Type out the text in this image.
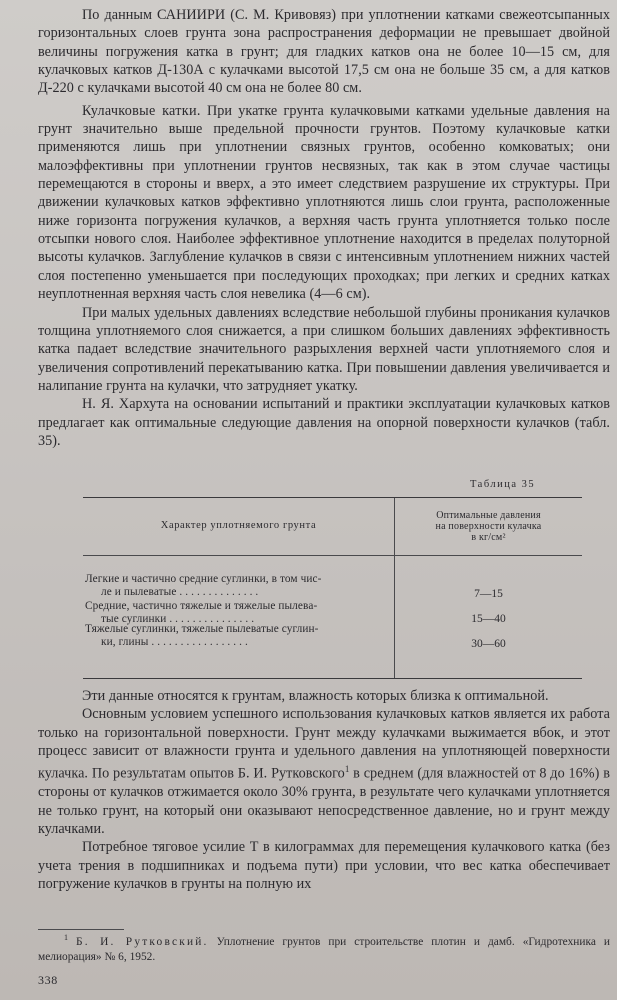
По данным САНИИРИ (С. М. Кривовяз) при уплотнении катками свежеотсыпанных горизонтальных слоев грунта зона распространения деформации не превышает двойной величины погружения катка в грунт; для гладких катков она не более 10—15 см, для кулачковых катков Д-130А с кулачками высотой 17,5 см она не больше 35 см, а для катков Д-220 с кулачками высотой 40 см она не более 80 см.

Кулачковые катки. При укатке грунта кулачковыми катками удельные давления на грунт значительно выше предельной прочности грунтов. Поэтому кулачковые катки применяются лишь при уплотнении связных грунтов, особенно комковатых; они малоэффективны при уплотнении грунтов несвязных, так как в этом случае частицы перемещаются в стороны и вверх, а это имеет следствием разрушение их структуры. При движении кулачковых катков эффективно уплотняются лишь слои грунта, расположенные ниже горизонта погружения кулачков, а верхняя часть грунта уплотняется только после отсыпки нового слоя. Наиболее эффективное уплотнение находится в пределах полуторной высоты кулачков. Заглубление кулачков в связи с интенсивным уплотнением нижних частей слоя постепенно уменьшается при последующих проходках; при легких и средних катках неуплотненная верхняя часть слоя невелика (4—6 см).

При малых удельных давлениях вследствие небольшой глубины проникания кулачков толщина уплотняемого слоя снижается, а при слишком больших давлениях эффективность катка падает вследствие значительного разрыхления верхней части уплотняемого слоя и увеличения сопротивлений перекатыванию катка. При повышении давления увеличивается и налипание грунта на кулачки, что затрудняет укатку.

Н. Я. Хархута на основании испытаний и практики эксплуатации кулачковых катков предлагает как оптимальные следующие давления на опорной поверхности кулачков (табл. 35).

Таблица 35
Характер уплотняемого грунта
Оптимальные давления
на поверхности кулачка
в кг/см²
Легкие и частично средние суглинки, в том чис-
ле и пылеватые . . . . . . . . . . . . . .	7—15
Средние, частично тяжелые и тяжелые пылева-
тые суглинки . . . . . . . . . . . . . . .	15—40
Тяжелые суглинки, тяжелые пылеватые суглин-
ки, глины . . . . . . . . . . . . . . . . .	30—60

Эти данные относятся к грунтам, влажность которых близка к оптимальной.

Основным условием успешного использования кулачковых катков является их работа только на горизонтальной поверхности. Грунт между кулачками выжимается вбок, и этот процесс зависит от влажности грунта и удельного давления на уплотняющей поверхности кулачка. По результатам опытов Б. И. Рутковского$^1$ в среднем (для влажностей от 8 до 16%) в стороны от кулачков отжимается около 30% грунта, в результате чего кулачками уплотняется не только грунт, на который они оказывают непосредственное давление, но и грунт между кулачками.

Потребное тяговое усилие T в килограммах для перемещения кулачкового катка (без учета трения в подшипниках и подъема пути) при условии, что вес катка обеспечивает погружение кулачков в грунты на полную их

$^1$ Б. И. Рутковский. Уплотнение грунтов при строительстве плотин и дамб. «Гидротехника и мелиорация» № 6, 1952.

338
